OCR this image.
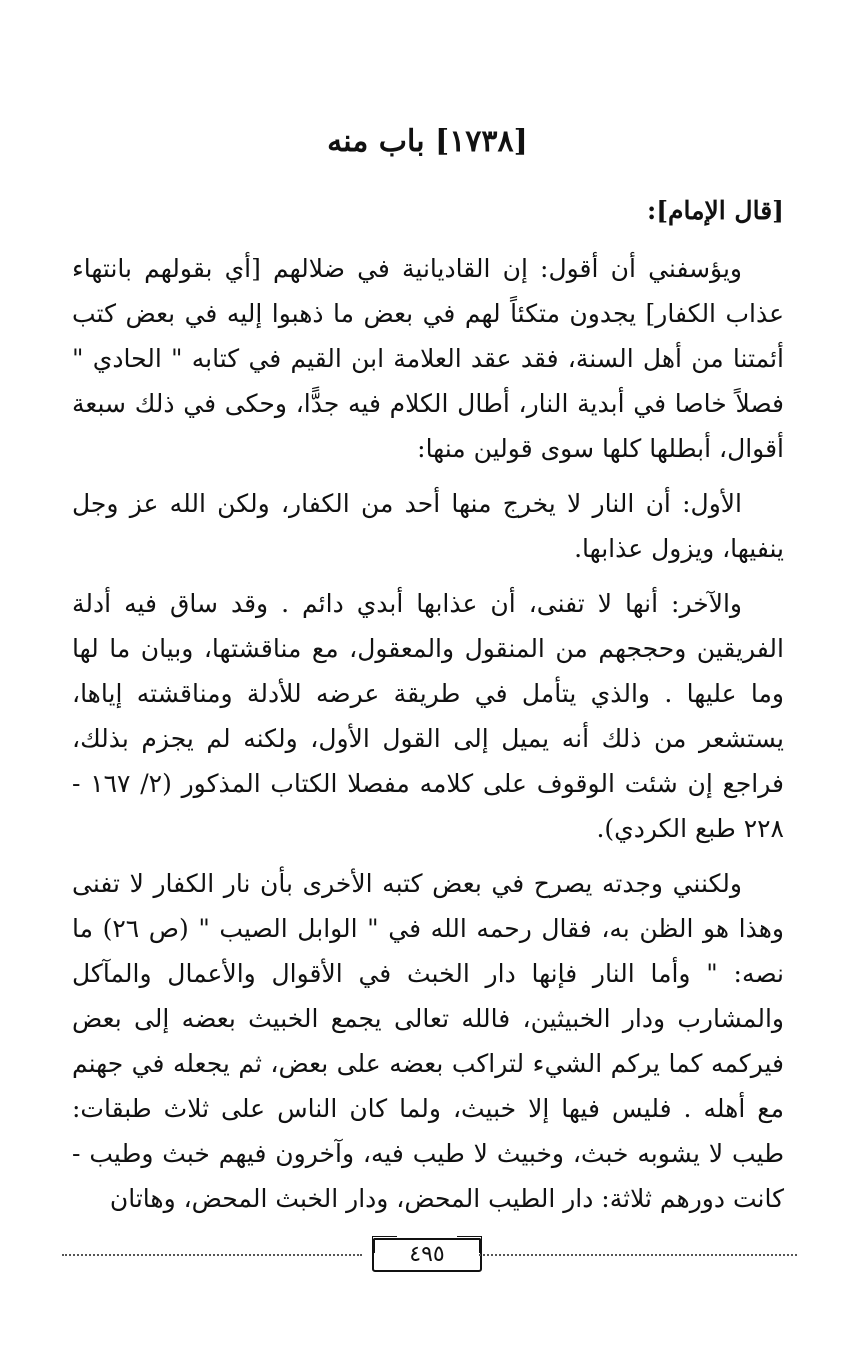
[١٧٣٨] باب منه

[قال الإمام]:

ويؤسفني أن أقول: إن القاديانية في ضلالهم [أي بقولهم بانتهاء عذاب الكفار] يجدون متكئاً لهم في بعض ما ذهبوا إليه في بعض كتب أئمتنا من أهل السنة، فقد عقد العلامة ابن القيم في كتابه " الحادي " فصلاً خاصا في أبدية النار، أطال الكلام فيه جدًّا، وحكى في ذلك سبعة أقوال، أبطلها كلها سوى قولين منها:

الأول: أن النار لا يخرج منها أحد من الكفار، ولكن الله عز وجل ينفيها، ويزول عذابها.

والآخر: أنها لا تفنى، أن عذابها أبدي دائم . وقد ساق فيه أدلة الفريقين وحججهم من المنقول والمعقول، مع مناقشتها، وبيان ما لها وما عليها . والذي يتأمل في طريقة عرضه للأدلة ومناقشته إياها، يستشعر من ذلك أنه يميل إلى القول الأول، ولكنه لم يجزم بذلك، فراجع إن شئت الوقوف على كلامه مفصلا الكتاب المذكور (٢/ ١٦٧ - ٢٢٨ طبع الكردي).

ولكنني وجدته يصرح في بعض كتبه الأخرى بأن نار الكفار لا تفنى وهذا هو الظن به، فقال رحمه الله في " الوابل الصيب " (ص ٢٦) ما نصه: " وأما النار فإنها دار الخبث في الأقوال والأعمال والمآكل والمشارب ودار الخبيثين، فالله تعالى يجمع الخبيث بعضه إلى بعض فيركمه كما يركم الشيء لتراكب بعضه على بعض، ثم يجعله في جهنم مع أهله . فليس فيها إلا خبيث، ولما كان الناس على ثلاث طبقات: طيب لا يشوبه خبث، وخبيث لا طيب فيه، وآخرون فيهم خبث وطيب - كانت دورهم ثلاثة: دار الطيب المحض، ودار الخبث المحض، وهاتان

٤٩٥
